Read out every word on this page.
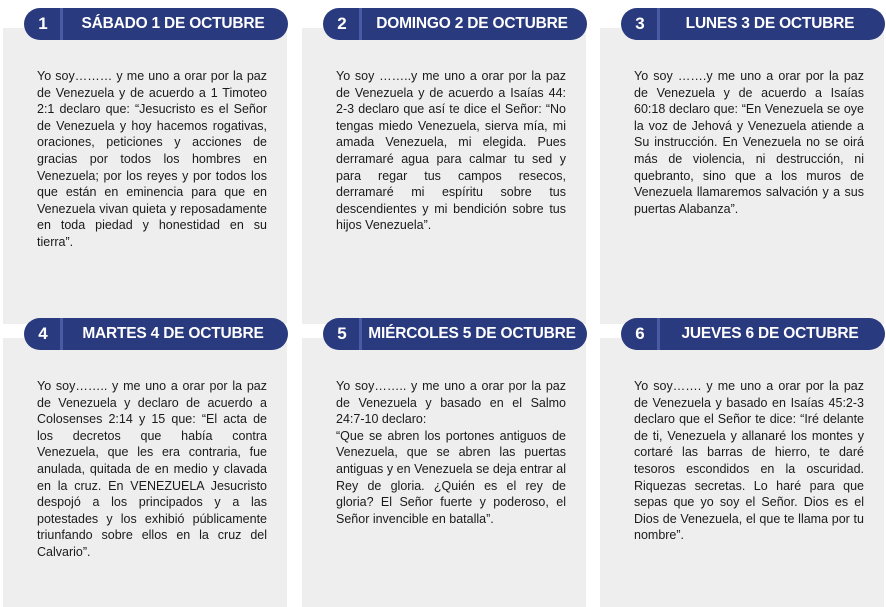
1	SÁBADO 1 DE OCTUBRE
Yo soy……… y me uno a orar por la paz de Venezuela y de acuerdo a 1 Timoteo 2:1 declaro que: “Jesucristo es el Señor de Venezuela y hoy hacemos rogativas, oraciones, peticiones y acciones de gracias por todos los hombres en Venezuela; por los reyes y por todos los que están en eminencia para que en Venezuela vivan quieta y reposadamente en toda piedad y honestidad en su tierra”.
2	DOMINGO 2 DE OCTUBRE
Yo soy ……..y me uno a orar por la paz de Venezuela y de acuerdo a Isaías 44: 2-3 declaro que así te dice el Señor: “No tengas miedo Venezuela, sierva mía, mi amada Venezuela, mi elegida. Pues derramaré agua para calmar tu sed y para regar tus campos resecos, derramaré mi espíritu sobre tus descendientes y mi bendición sobre tus hijos Venezuela”.
3	LUNES 3 DE OCTUBRE
Yo soy …….y me uno a orar por la paz de Venezuela y de acuerdo a Isaías 60:18 declaro que: “En Venezuela se oye la voz de Jehová y Venezuela atiende a Su instrucción. En Venezuela no se oirá más de violencia, ni destrucción, ni quebranto, sino que a los muros de Venezuela llamaremos salvación y a sus puertas Alabanza”.
4	MARTES 4 DE OCTUBRE
Yo soy…….. y me uno a orar por la paz de Venezuela y declaro de acuerdo a Colosenses 2:14 y 15 que: “El acta de los decretos que había contra Venezuela, que les era contraria, fue anulada, quitada de en medio y clavada en la cruz. En VENEZUELA Jesucristo despojó a los principados y a las potestades y los exhibió públicamente triunfando sobre ellos en la cruz del Calvario”.
5	MIÉRCOLES 5 DE OCTUBRE
Yo soy…….. y me uno a orar por la paz de Venezuela y basado en el Salmo 24:7-10 declaro:
“Que se abren los portones antiguos de Venezuela, que se abren las puertas antiguas y en Venezuela se deja entrar al Rey de gloria. ¿Quién es el rey de gloria? El Señor fuerte y poderoso, el Señor invencible en batalla”.
6	JUEVES 6 DE OCTUBRE
Yo soy……. y me uno a orar por la paz de Venezuela y basado en Isaías 45:2-3 declaro que el Señor te dice: “Iré delante de ti, Venezuela y allanaré los montes y cortaré las barras de hierro, te daré tesoros escondidos en la oscuridad. Riquezas secretas. Lo haré para que sepas que yo soy el Señor. Dios es el Dios de Venezuela, el que te llama por tu nombre”.
